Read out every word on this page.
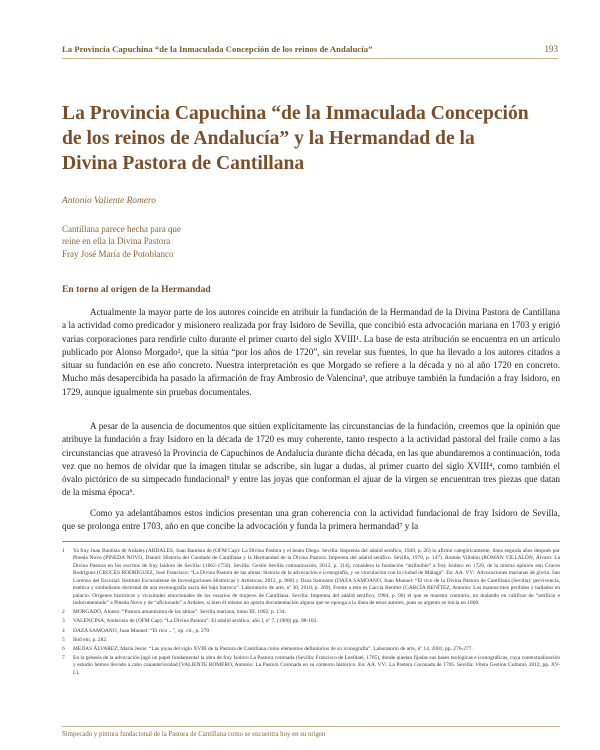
La Provincia Capuchina “de la Inmaculada Concepción de los reinos de Andalucía”	193
La Provincia Capuchina “de la Inmaculada Concepción de los reinos de Andalucía” y la Hermandad de la Divina Pastora de Cantillana
Antonio Valiente Romero
Cantillana parece hecha para que
reine en ella la Divina Pastora
Fray José María de Potoblanco
En torno al origen de la Hermandad

Actualmente la mayor parte de los autores coincide en atribuir la fundación de la Hermandad de la Divina Pastora de Cantillana a la actividad como predicador y misionero realizada por fray Isidoro de Sevilla, que concibió esta advocación mariana en 1703 y erigió varias corporaciones para rendirle culto durante el primer cuarto del siglo XVIII¹. La base de esta atribución se encuentra en un artículo publicado por Alonso Morgado², que la sitúa “por los años de 1720”, sin revelar sus fuentes, lo que ha llevado a los autores citados a situar su fundación en ese año concreto. Nuestra interpretación es que Morgado se refiere a la década y no al año 1720 en concreto. Mucho más desapercibida ha pasado la afirmación de fray Ambrosio de Valencina³, que atribuye también la fundación a fray Isidoro, en 1729, aunque igualmente sin pruebas documentales.

A pesar de la ausencia de documentos que sitúen explícitamente las circunstancias de la fundación, creemos que la opinión que atribuye la fundación a fray Isidoro en la década de 1720 es muy coherente, tanto respecto a la actividad pastoral del fraile como a las circunstancias que atravesó la Provincia de Capuchinos de Andalucía durante dicha década, en las que abundaremos a continuación, toda vez que no hemos de olvidar que la imagen titular se adscribe, sin lugar a dudas, al primer cuarto del siglo XVIII⁴, como también el óvalo pictórico de su simpecado fundacional⁵ y entre las joyas que conforman el ajuar de la virgen se encuentran tres piezas que datan de la misma época⁶.

Como ya adelantábamos estos indicios presentan una gran coherencia con la actividad fundacional de fray Isidoro de Sevilla, que se prolonga entre 1703, año en que concibe la advocación y funda la primera hermandad⁷ y la

1	Ya fray Juan Bautista de Ardales (ARDALES, Juan Bautista de (OFM Cap): La Divina Pastora y el beato Diego. Sevilla: Imprenta del adalid seráfico, 1949, p. 26) lo afirmó categóricamente, línea seguida años después por Pineda Novo (PINEDA NOVO, Daniel: Historia del Condado de Cantillana y la Hermandad de la Divina Pastora. Imprenta del adalid seráfico. Sevilla, 1970, p. 147). Román Villalón (ROMÁN VILLALÓN, Álvaro: La Divina Pastora en los escritos de fray Isidoro de Sevilla: (1662-1750). Sevilla: Gestio Sevilla comunicación, 2012, p. 114), considera la fundación “atribuible” a fray Isidoro en 1720, de la misma opinión son Cruces Rodríguez (CRUCES RODRÍGUEZ, José Francisco: “La Divina Pastora de las almas: historia de la advocación e iconografía, y su vinculación con la ciudad de Málaga”. En: AA. VV.: Advocaciones marianas de gloria. San Lorenzo del Escorial: Instituto Escurialense de Investigaciones Históricas y Artísticas, 2012, p. 980) y Daza Samoano (DAZA SAMOANO, Juan Manuel: “El rico de la Divina Pastora de Cantillana (Sevilla): pervivencia, estética y simbolismo doctrinal de una escenografía sacra del bajo barroco”. Laboratorio de arte, nº 30, 2018, p. 269). Frente a esto es García Benítez (GARCÍA BENÍTEZ, Antonio: Los manuscritos perdidos y hallados en palacio. Orígenes históricos y vicisitudes emocionales de los rosarios de mujeres de Cantillana. Sevilla: Imprenta del adalid seráfico, 1984, p. 96) el que se muestra contrario, no dudando en calificar de “artificio e indocumentado” a Pineda Novo y de “aficionado” a Ardales, si bien él mismo no aporta documentación alguna que se oponga a la línea de estos autores, pues su argento se inicia en 1800.
2	MORGADO, Alonso: “Pastora amantísima de las almas”. Sevilla mariana, tomo III, 1882, p. 134.
3	VALENCINA, Ambrosio de (OFM Cap): “La Divina Pastora”. El adalid seráfico, año I, nº 7, (1900) pp. 98-103.
4	DAZA SAMOANO, Juan Manuel: “El rico ...”, op. cit., p. 270
5	Ibid em, p. 282.
6	MEJÍAS ÁLVAREZ, María Jesús: “Las joyas del siglo XVIII de la Pastora de Cantillana como elementos definitorios de su iconografía”. Laboratorio de arte, nº 14, 2001, pp. 276-277.
7	En la génesis de la advocación jugó un papel fundamental la obra de fray Isidoro La Pastora coronada (Sevilla: Francisco de Leefdael, 1705), donde quedan fijadas sus bases teológicas e iconográficas, cuya contextualización y estudio hemos llevado a cabo conanterioridad (VALIENTE ROMERO, Antonio: La Pastora Coronada en su contexto histórico. En: AA. VV.: La Pastora Coronada de 1705. Sevilla: Vitela Gestión Cultural, 2012, pp. XV-L).
Simpecado y pintura fundacional de la Pastora de Cantillana como se encuentra hoy en su origen
